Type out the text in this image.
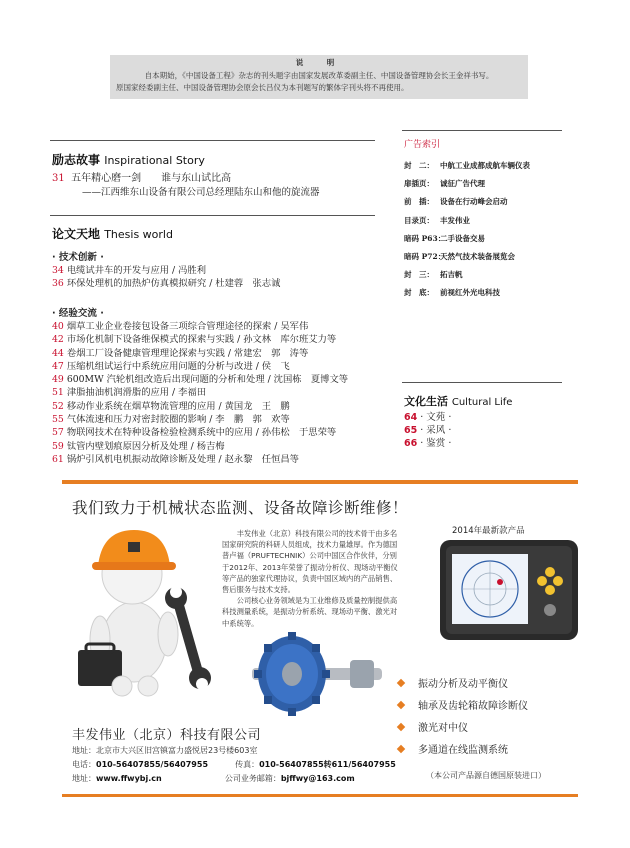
说　明
自本期始，《中国设备工程》杂志的刊头题字由国家发展改革委副主任、中国设备管理协会长王金祥书写。
原国家经委副主任、中国设备管理协会原会长吕仪为本刊题写的繁体字刊头将不再使用。
励志故事 Inspirational Story
31 五年精心磨一剑　　谁与东山试比高
——江西维东山设备有限公司总经理陆东山和他的旋流器
论文天地 Thesis world
· 技术创新 ·
34 电缆试井车的开发与应用 / 冯胜利
36 环保处理机的加热炉仿真模拟研究 / 杜建蓉　张志诚
· 经验交流 ·
40 烟草工业企业卷接包设备三项综合管理途径的探索 / 吴军伟
42 市场化机制下设备维保模式的探索与实践 / 孙文林　库尔班艾力等
44 卷烟工厂设备健康管理理论探索与实践 / 常建宏　郭　涛等
47 压缩机组试运行中系统应用问题的分析与改进 / 侯　飞
49 600MW 汽轮机组改造后出现问题的分析和处理 / 沈国栋　夏博文等
51 津脂抽油机润滑脂的应用 / 李福田
52 移动作业系统在烟草物流管理的应用 / 黄国龙　王　鹏
55 气体流速和压力对密封胶圈的影响 / 李　鹏　郭　欢等
57 物联网技术在特种设备检验检测系统中的应用 / 孙伟松　于思荣等
59 钛管内壁划痕原因分析及处理 / 杨吉梅
61 锅炉引风机电机振动故障诊断及处理 / 赵永黎　任恒昌等
广告索引
封　二： 中航工业成都成航车辆仪表
扉插页： 诚征广告代理
前　插： 设备在行动峰会启动
目录页： 丰发伟业
暗码 P63：二手设备交易
暗码 P72：天然气技术装备展览会
封　三： 拓吉帆
封　底： 前视红外光电科技
文化生活 Cultural Life
64 · 文苑 ·
65 · 采风 ·
66 · 鉴赏 ·
我们致力于机械状态监测、设备故障诊断维修！
丰发伟业（北京）科技有限公司的技术骨干由多名国家研究院的科研人员组成，技术力量雄厚。作为德国普卢福（PRUFTECHNIK）公司中国区合作伙伴，分别于2012年、2013年荣誉了振动分析仪、现场动平衡仪等产品的独家代理协议，负责中国区域内的产品销售、售后服务与技术支持。
公司核心业务领域是为工业维修及质量控制提供高科技测量系统，是振动分析系统、现场动平衡、激光对中系统等。
2014年最新款产品
振动分析及动平衡仪
轴承及齿轮箱故障诊断仪
激光对中仪
多通道在线监测系统
（本公司产品源自德国原装进口）
丰发伟业（北京）科技有限公司
地址：北京市大兴区旧宫镇富力盛悦居23号楼603室
电话：010-56407855/56407955	传真：010-56407855转611/56407955
地址：www.ffwybj.cn	公司业务邮箱：bjffwy@163.com
